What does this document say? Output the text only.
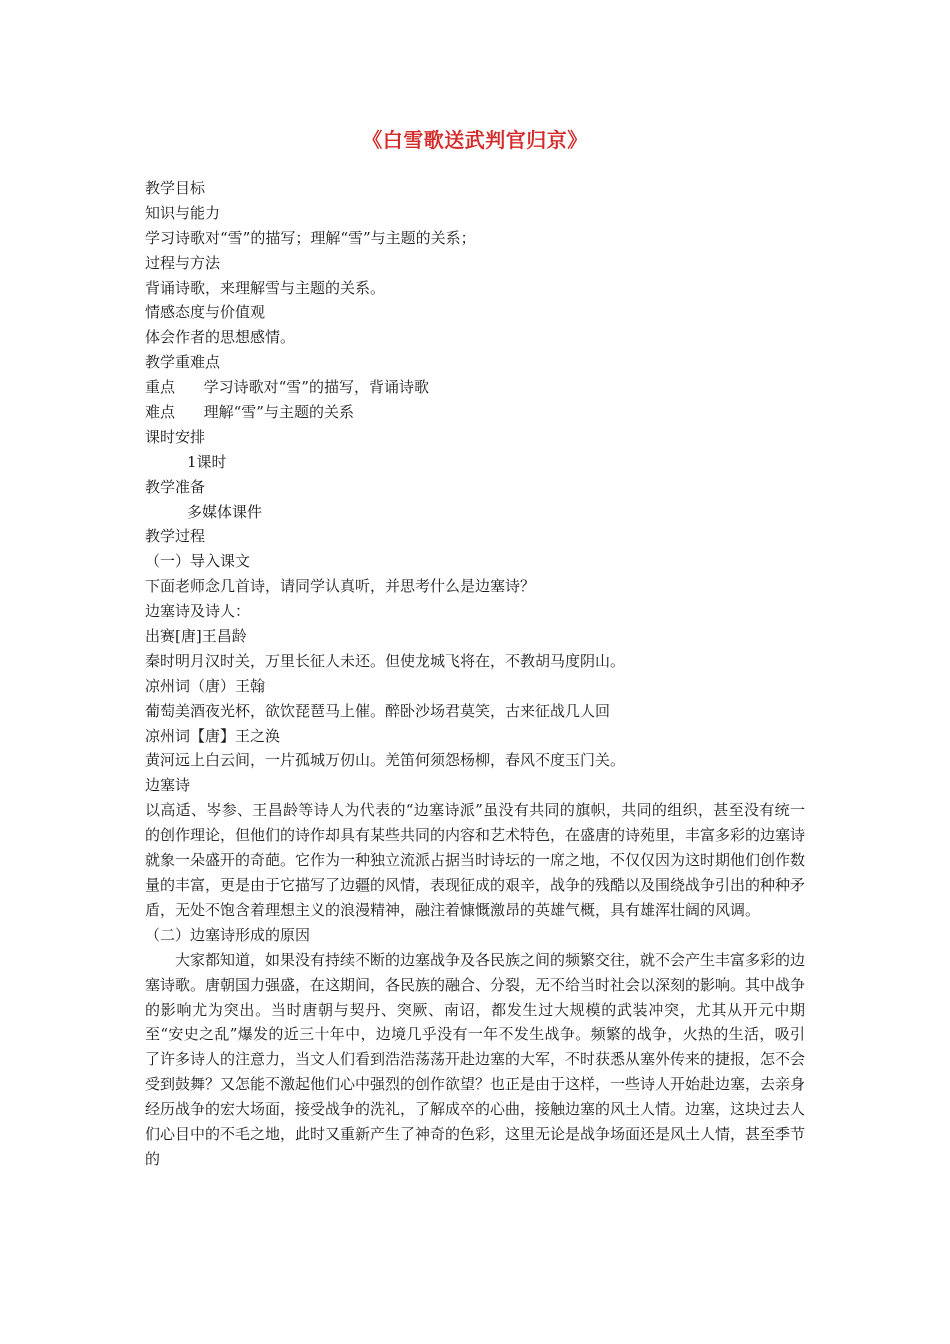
《白雪歌送武判官归京》
教学目标
知识与能力
学习诗歌对“雪”的描写；理解“雪”与主题的关系；
过程与方法
背诵诗歌，来理解雪与主题的关系。
情感态度与价值观
体会作者的思想感情。
教学重难点
重点      学习诗歌对“雪”的描写，背诵诗歌
难点      理解“雪”与主题的关系
课时安排
1课时
教学准备
多媒体课件
教学过程
（一）导入课文
下面老师念几首诗，请同学认真听，并思考什么是边塞诗？
边塞诗及诗人：
出赛[唐]王昌龄
秦时明月汉时关，万里长征人未还。但使龙城飞将在，不教胡马度阴山。
凉州词（唐）王翰
葡萄美酒夜光杯，欲饮琵琶马上催。醉卧沙场君莫笑，古来征战几人回
凉州词【唐】王之涣
黄河远上白云间，一片孤城万仞山。羌笛何须怨杨柳，春风不度玉门关。
边塞诗
以高适、岑参、王昌龄等诗人为代表的“边塞诗派”虽没有共同的旗帜，共同的组织，甚至没有统一的创作理论，但他们的诗作却具有某些共同的内容和艺术特色，在盛唐的诗苑里，丰富多彩的边塞诗就象一朵盛开的奇葩。它作为一种独立流派占据当时诗坛的一席之地，不仅仅因为这时期他们创作数量的丰富，更是由于它描写了边疆的风情，表现征成的艰辛，战争的残酷以及围绕战争引出的种种矛盾，无处不饱含着理想主义的浪漫精神，融注着慷慨激昂的英雄气概，具有雄浑壮阔的风调。
（二）边塞诗形成的原因
大家都知道，如果没有持续不断的边塞战争及各民族之间的频繁交往，就不会产生丰富多彩的边塞诗歌。唐朝国力强盛，在这期间，各民族的融合、分裂，无不给当时社会以深刻的影响。其中战争的影响尤为突出。当时唐朝与契丹、突厥、南诏，都发生过大规模的武装冲突，尤其从开元中期至“安史之乱”爆发的近三十年中，边境几乎没有一年不发生战争。频繁的战争，火热的生活，吸引了许多诗人的注意力，当文人们看到浩浩荡荡开赴边塞的大军，不时获悉从塞外传来的捷报，怎不会受到鼓舞？又怎能不激起他们心中强烈的创作欲望？也正是由于这样，一些诗人开始赴边塞，去亲身经历战争的宏大场面，接受战争的洗礼，了解成卒的心曲，接触边塞的风土人情。边塞，这块过去人们心目中的不毛之地，此时又重新产生了神奇的色彩，这里无论是战争场面还是风土人情，甚至季节的
